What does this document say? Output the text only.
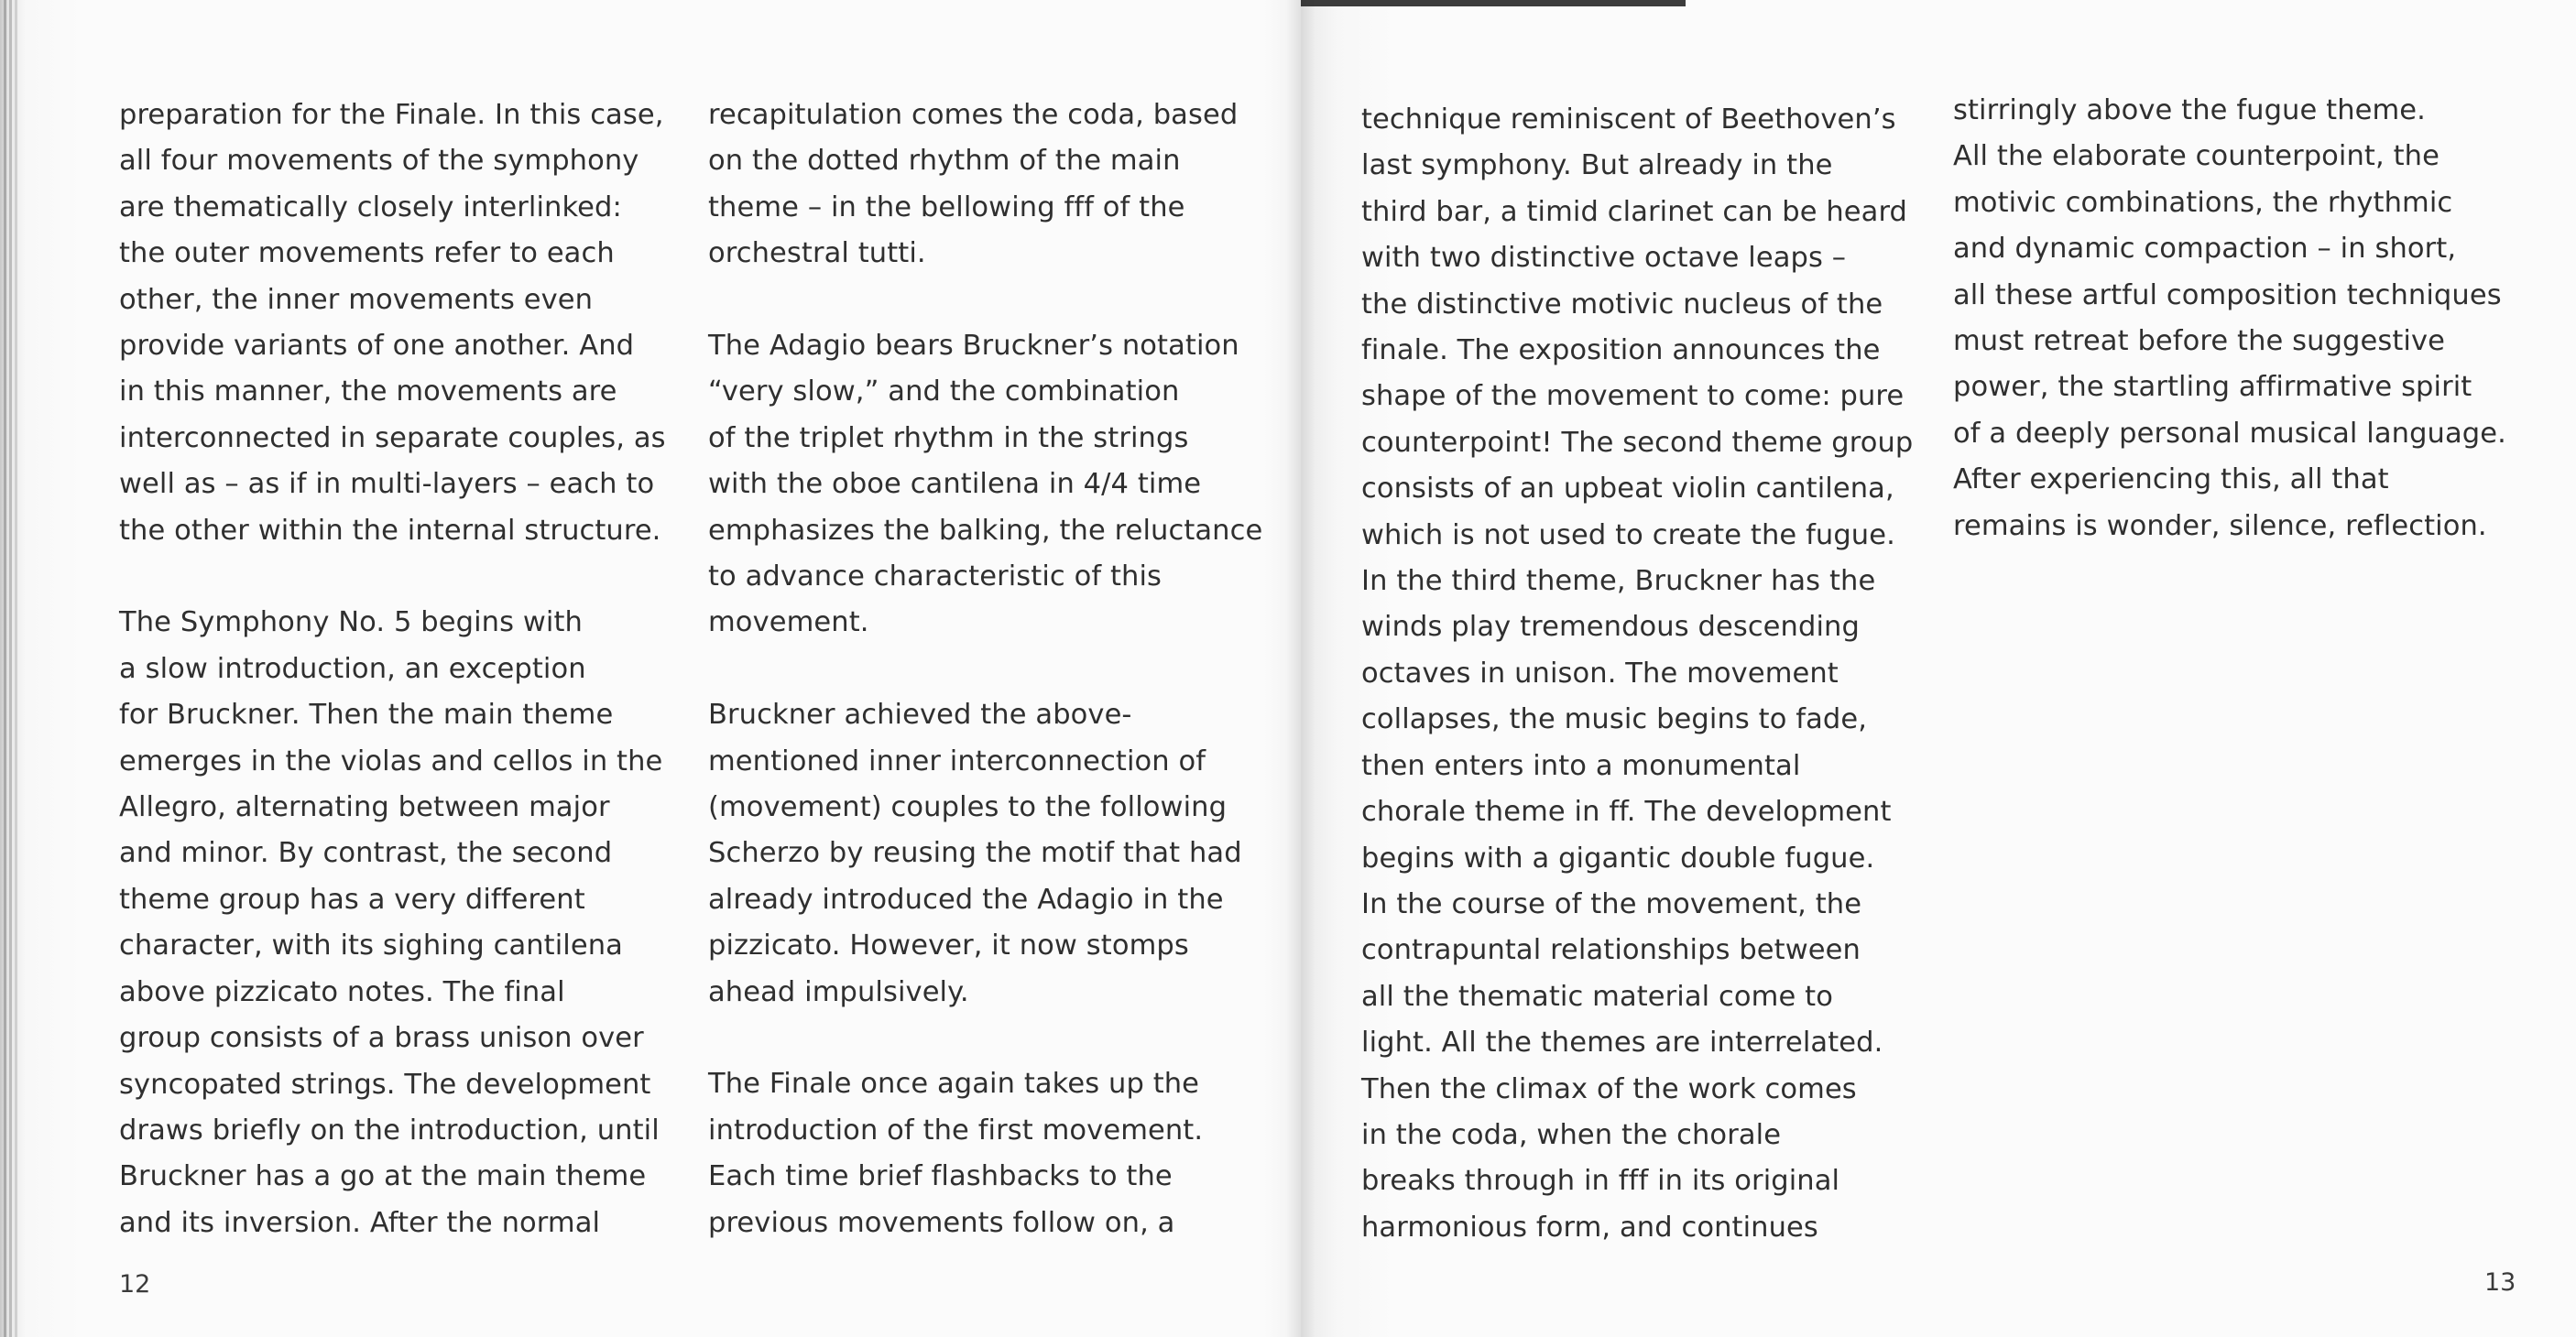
preparation for the Finale. In this case,
all four movements of the symphony
are thematically closely interlinked:
the outer movements refer to each
other, the inner movements even
provide variants of one another. And
in this manner, the movements are
interconnected in separate couples, as
well as – as if in multi-layers – each to
the other within the internal structure.

The Symphony No. 5 begins with
a slow introduction, an exception
for Bruckner. Then the main theme
emerges in the violas and cellos in the
Allegro, alternating between major
and minor. By contrast, the second
theme group has a very different
character, with its sighing cantilena
above pizzicato notes. The final
group consists of a brass unison over
syncopated strings. The development
draws briefly on the introduction, until
Bruckner has a go at the main theme
and its inversion. After the normal

recapitulation comes the coda, based
on the dotted rhythm of the main
theme – in the bellowing fff of the
orchestral tutti.

The Adagio bears Bruckner’s notation
“very slow,” and the combination
of the triplet rhythm in the strings
with the oboe cantilena in 4/4 time
emphasizes the balking, the reluctance
to advance characteristic of this
movement.

Bruckner achieved the above-
mentioned inner interconnection of
(movement) couples to the following
Scherzo by reusing the motif that had
already introduced the Adagio in the
pizzicato. However, it now stomps
ahead impulsively.

The Finale once again takes up the
introduction of the first movement.
Each time brief flashbacks to the
previous movements follow on, a

12

technique reminiscent of Beethoven’s
last symphony. But already in the
third bar, a timid clarinet can be heard
with two distinctive octave leaps –
the distinctive motivic nucleus of the
finale. The exposition announces the
shape of the movement to come: pure
counterpoint! The second theme group
consists of an upbeat violin cantilena,
which is not used to create the fugue.
In the third theme, Bruckner has the
winds play tremendous descending
octaves in unison. The movement
collapses, the music begins to fade,
then enters into a monumental
chorale theme in ff. The development
begins with a gigantic double fugue.
In the course of the movement, the
contrapuntal relationships between
all the thematic material come to
light. All the themes are interrelated.
Then the climax of the work comes
in the coda, when the chorale
breaks through in fff in its original
harmonious form, and continues

stirringly above the fugue theme.
All the elaborate counterpoint, the
motivic combinations, the rhythmic
and dynamic compaction – in short,
all these artful composition techniques
must retreat before the suggestive
power, the startling affirmative spirit
of a deeply personal musical language.
After experiencing this, all that
remains is wonder, silence, reflection.

13
